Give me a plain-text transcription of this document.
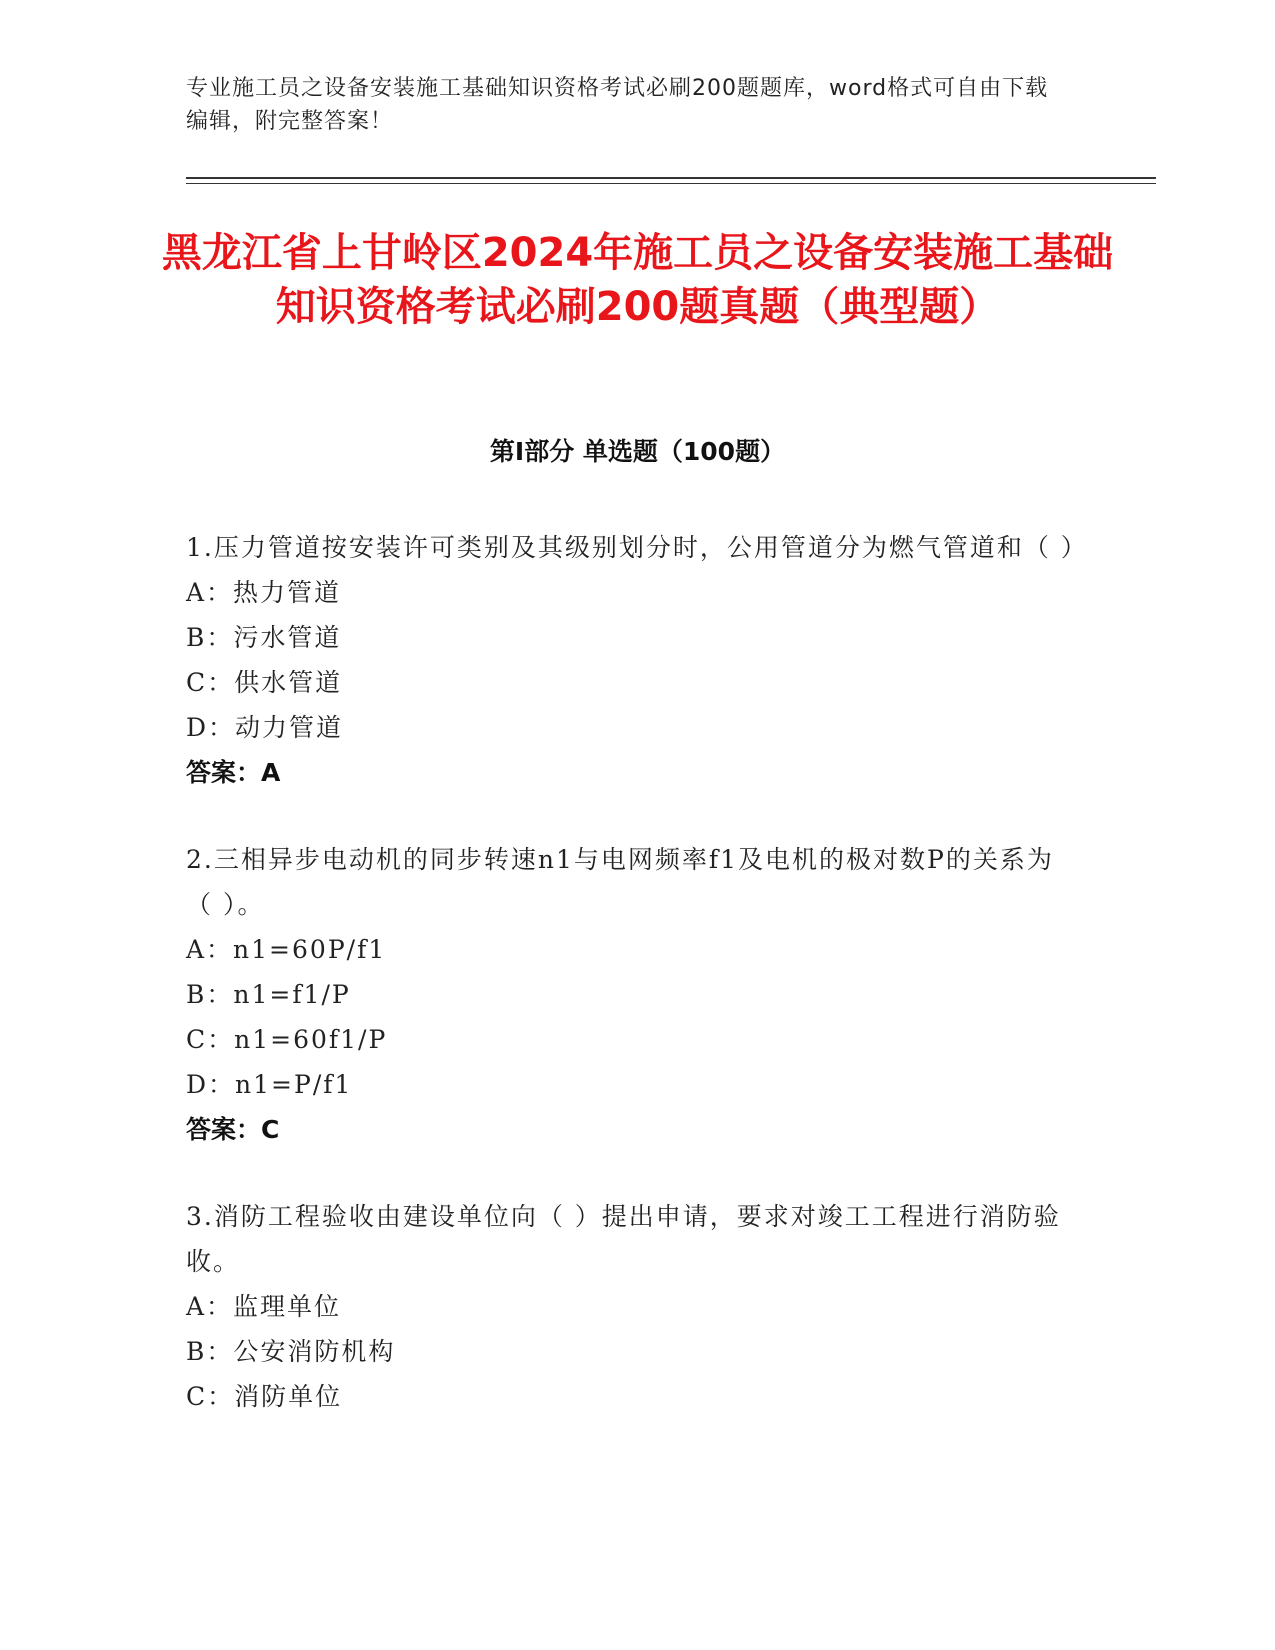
专业施工员之设备安装施工基础知识资格考试必刷200题题库，word格式可自由下载编辑，附完整答案！
黑龙江省上甘岭区2024年施工员之设备安装施工基础知识资格考试必刷200题真题（典型题）
第I部分 单选题（100题）
1.压力管道按安装许可类别及其级别划分时，公用管道分为燃气管道和（ ）
A：热力管道
B：污水管道
C：供水管道
D：动力管道
答案：A
2.三相异步电动机的同步转速n1与电网频率f1及电机的极对数P的关系为（ ）。
A：n1=60P/f1
B：n1=f1/P
C：n1=60f1/P
D：n1=P/f1
答案：C
3.消防工程验收由建设单位向（ ）提出申请，要求对竣工工程进行消防验收。
A：监理单位
B：公安消防机构
C：消防单位
